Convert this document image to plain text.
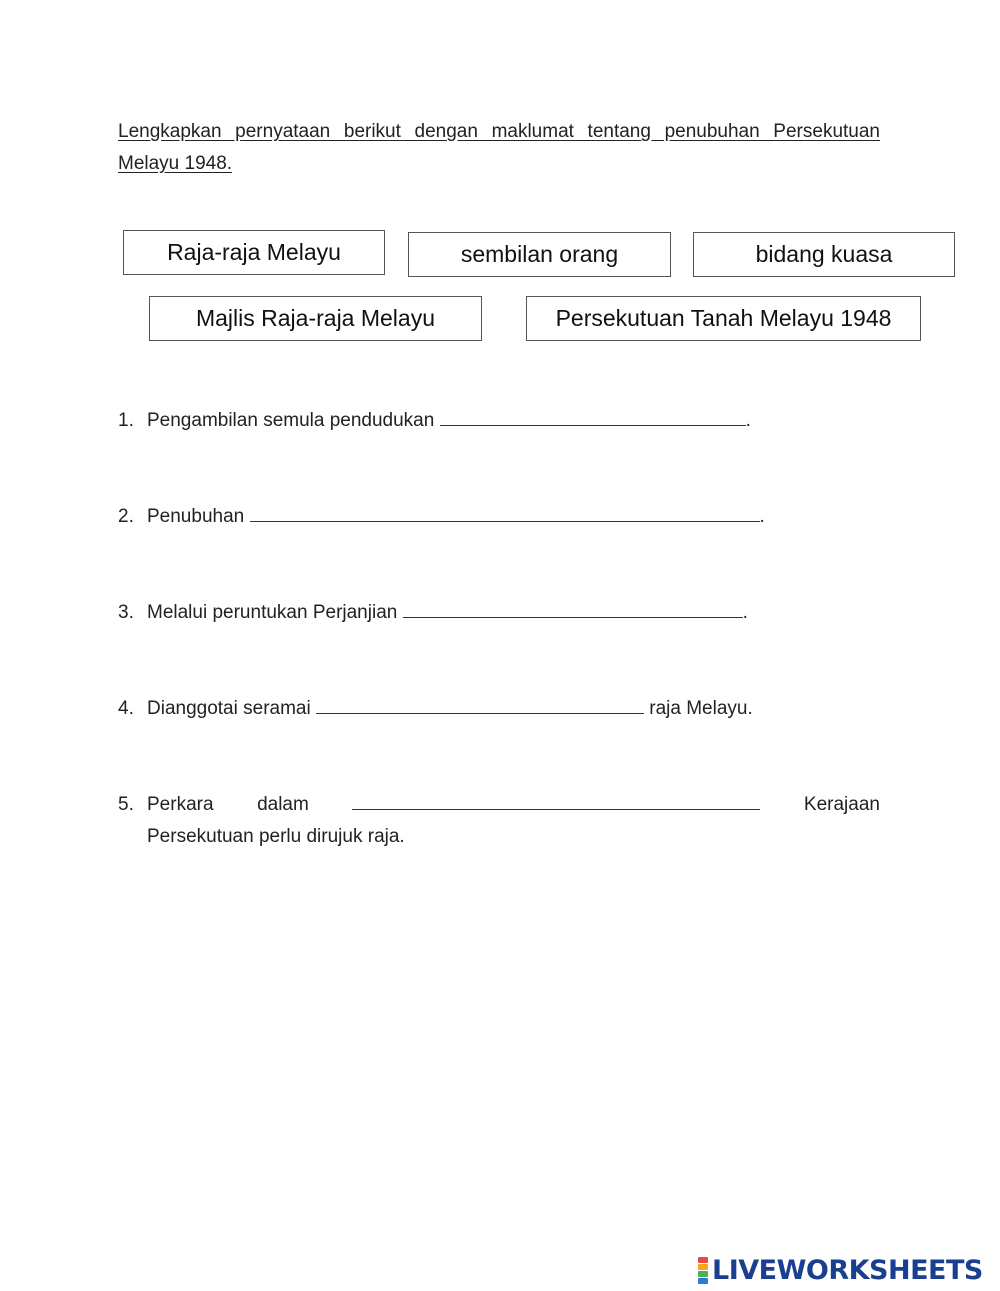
Lengkapkan pernyataan berikut dengan maklumat tentang penubuhan Persekutuan Melayu 1948.
Raja-raja Melayu	sembilan orang	bidang kuasa
Majlis Raja-raja Melayu	Persekutuan Tanah Melayu 1948
1. Pengambilan semula pendudukan	.
2. Penubuhan	.
3. Melalui peruntukan Perjanjian	.
4. Dianggotai seramai	raja Melayu.
5. Perkara dalam	Kerajaan
Persekutuan perlu dirujuk raja.
LIVEWORKSHEETS
